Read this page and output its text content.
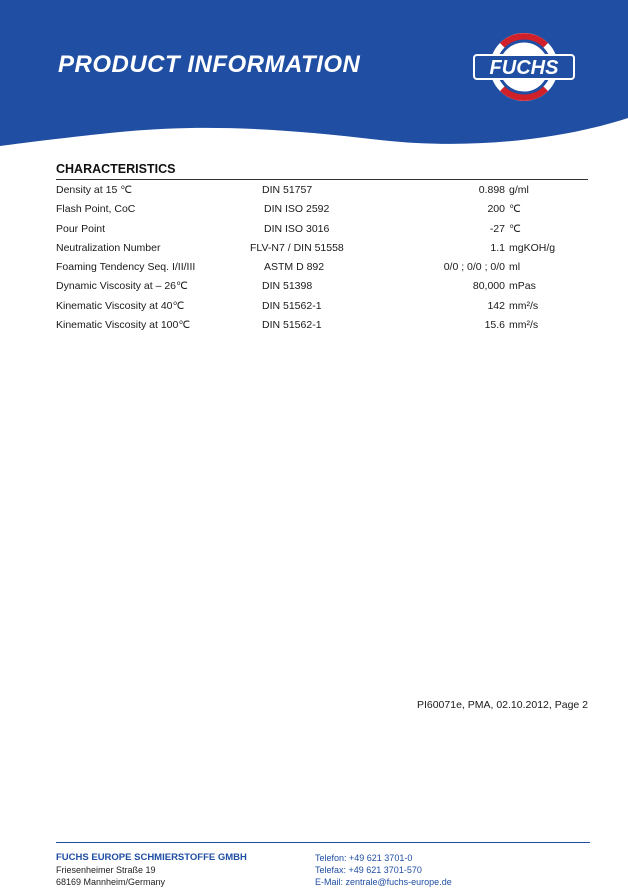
PRODUCT INFORMATION	FUCHS
CHARACTERISTICS
Density at 15 ℃	DIN 51757	0.898 g/ml
Flash Point, CoC	DIN ISO 2592	200 ℃
Pour Point	DIN ISO 3016	-27 ℃
Neutralization Number	FLV-N7 / DIN 51558	1.1 mgKOH/g
Foaming Tendency Seq. I/II/III	ASTM D 892	0/0 ; 0/0 ; 0/0 ml
Dynamic Viscosity at – 26℃	DIN 51398	80,000 mPas
Kinematic Viscosity at 40℃	DIN 51562-1	142 mm²/s
Kinematic Viscosity at 100℃	DIN 51562-1	15.6 mm²/s
PI60071e, PMA, 02.10.2012, Page 2
FUCHS EUROPE SCHMIERSTOFFE GMBH
Friesenheimer Straße 19
68169 Mannheim/Germany
Telefon: +49 621 3701-0
Telefax: +49 621 3701-570
E-Mail: zentrale@fuchs-europe.de
